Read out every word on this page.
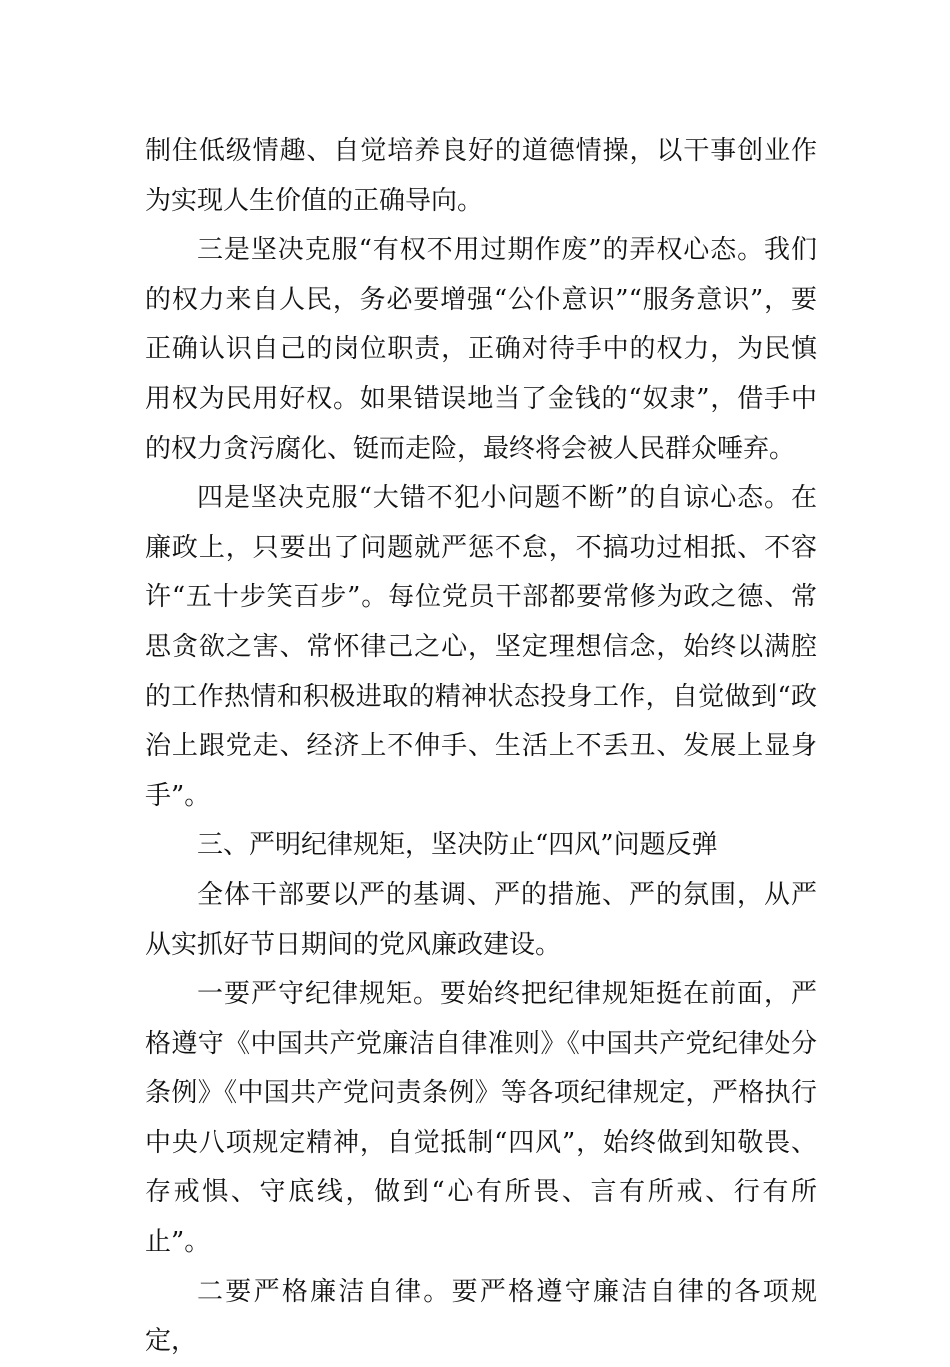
制住低级情趣、自觉培养良好的道德情操，以干事创业作为实现人生价值的正确导向。

三是坚决克服“有权不用过期作废”的弄权心态。我们的权力来自人民，务必要增强“公仆意识”“服务意识”，要正确认识自己的岗位职责，正确对待手中的权力，为民慎用权为民用好权。如果错误地当了金钱的“奴隶”，借手中的权力贪污腐化、铤而走险，最终将会被人民群众唾弃。

四是坚决克服“大错不犯小问题不断”的自谅心态。在廉政上，只要出了问题就严惩不怠，不搞功过相抵、不容许“五十步笑百步”。每位党员干部都要常修为政之德、常思贪欲之害、常怀律己之心，坚定理想信念，始终以满腔的工作热情和积极进取的精神状态投身工作，自觉做到“政治上跟党走、经济上不伸手、生活上不丢丑、发展上显身手”。

三、严明纪律规矩，坚决防止“四风”问题反弹

全体干部要以严的基调、严的措施、严的氛围，从严从实抓好节日期间的党风廉政建设。

一要严守纪律规矩。要始终把纪律规矩挺在前面，严格遵守《中国共产党廉洁自律准则》《中国共产党纪律处分条例》《中国共产党问责条例》等各项纪律规定，严格执行中央八项规定精神，自觉抵制“四风”，始终做到知敬畏、存戒惧、守底线，做到“心有所畏、言有所戒、行有所止”。

二要严格廉洁自律。要严格遵守廉洁自律的各项规定，
